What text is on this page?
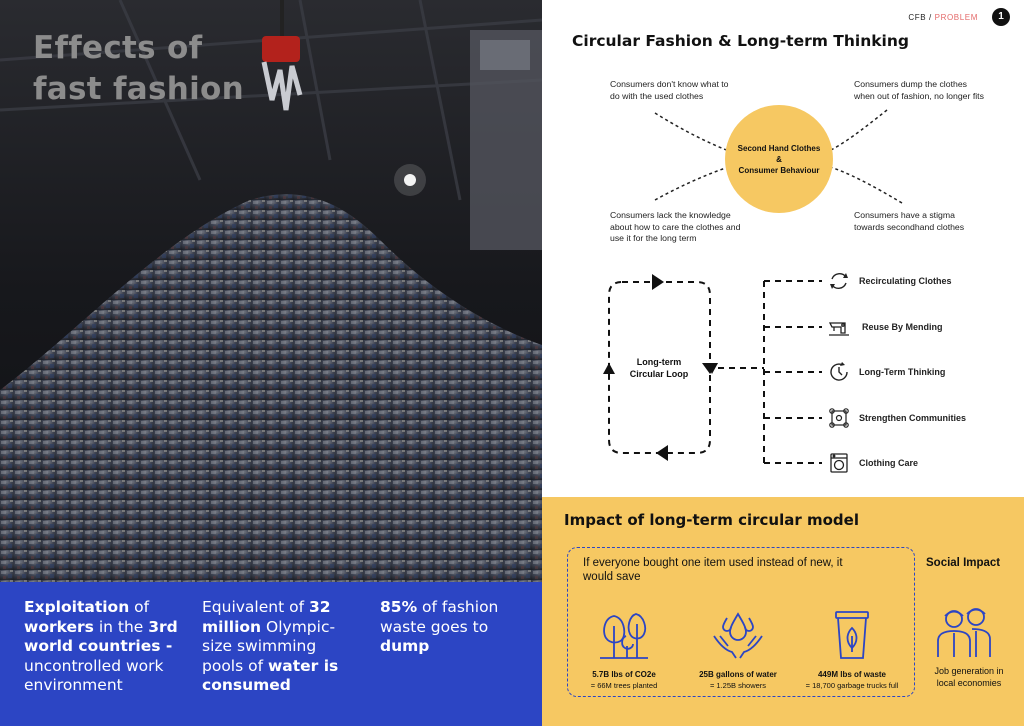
Effects of
fast fashion
Exploitation of workers in the 3rd world countries - uncontrolled work environment
Equivalent of 32 million Olympic-size swimming pools of water is consumed
85% of fashion waste goes to dump
CFB / PROBLEM	1
Circular Fashion & Long-term Thinking
Consumers don't know what to do with the used clothes
Consumers dump the clothes when out of fashion, no longer fits
Consumers lack the knowledge about how to care the clothes and use it for the long term
Consumers have a stigma towards secondhand clothes
Second Hand Clothes
&
Consumer Behaviour
Long-term
Circular Loop
Recirculating Clothes
Reuse By Mending
Long-Term Thinking
Strengthen Communities
Clothing Care
Impact of long-term circular model
If everyone bought one item used instead of new, it would save
5.7B lbs of CO2e
= 66M trees planted
25B gallons of water
= 1.25B showers
449M lbs of waste
= 18,700 garbage trucks full
Social Impact
Job generation in local economies
